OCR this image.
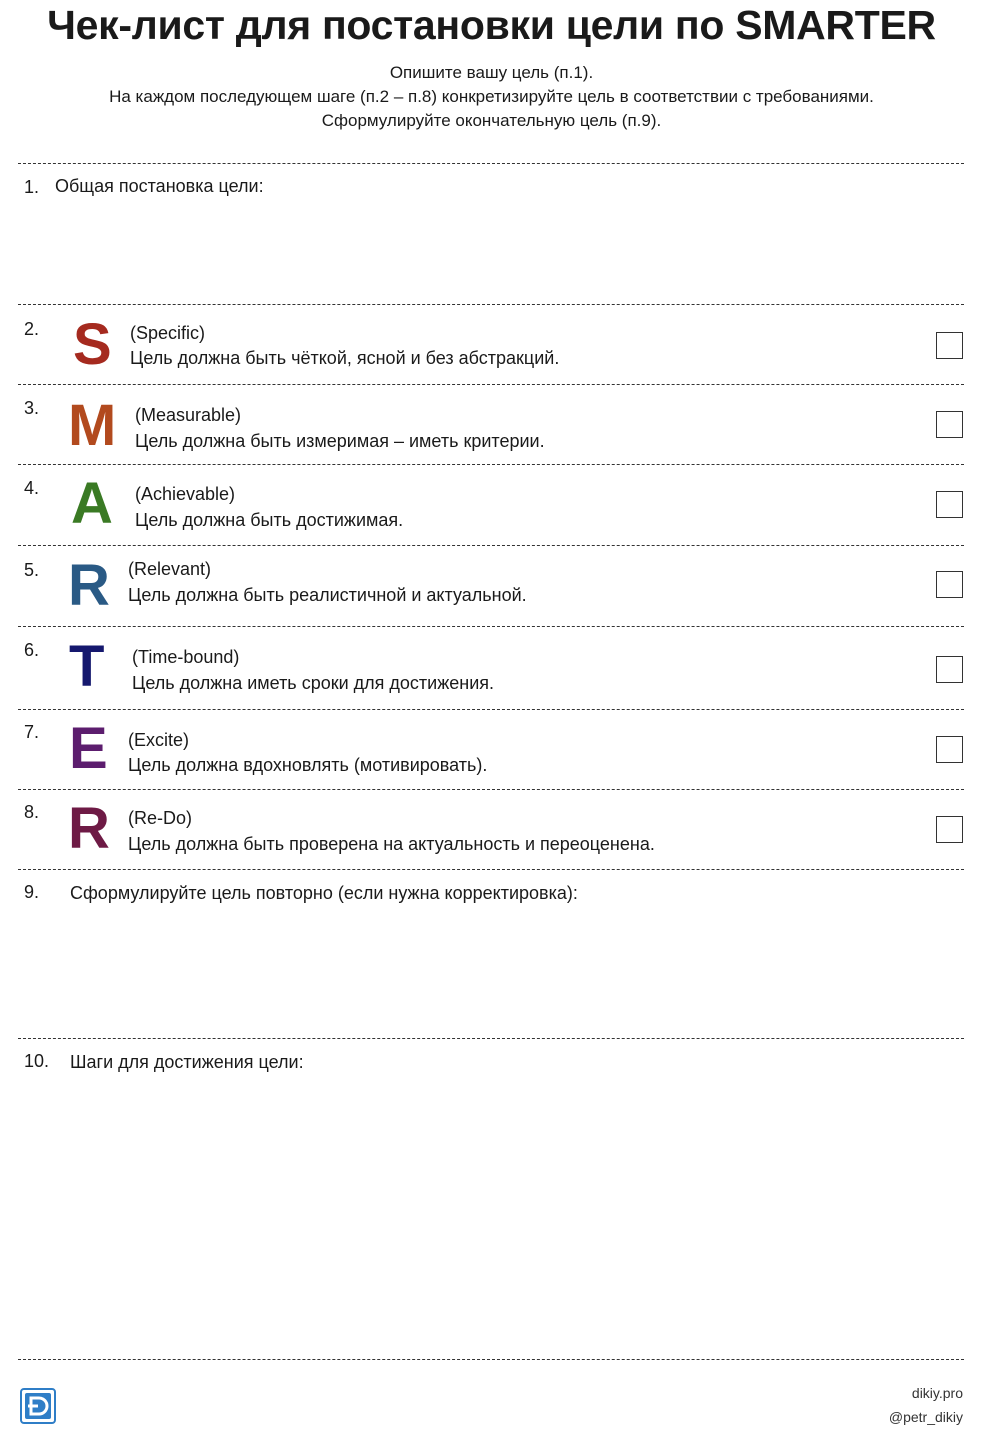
Чек-лист для постановки цели по SMARTER
Опишите вашу цель (п.1).
На каждом последующем шаге (п.2 – п.8) конкретизируйте цель в соответствии с требованиями.
Сформулируйте окончательную цель (п.9).
1. Общая постановка цели:
2. S (Specific)
Цель должна быть чёткой, ясной и без абстракций.
3. M (Measurable)
Цель должна быть измеримая – иметь критерии.
4. A (Achievable)
Цель должна быть достижимая.
5. R (Relevant)
Цель должна быть реалистичной и актуальной.
6. T (Time-bound)
Цель должна иметь сроки для достижения.
7. E (Excite)
Цель должна вдохновлять (мотивировать).
8. R (Re-Do)
Цель должна быть проверена на актуальность и переоценена.
9. Сформулируйте цель повторно (если нужна корректировка):
10. Шаги для достижения цели:
dikiy.pro
@petr_dikiy
